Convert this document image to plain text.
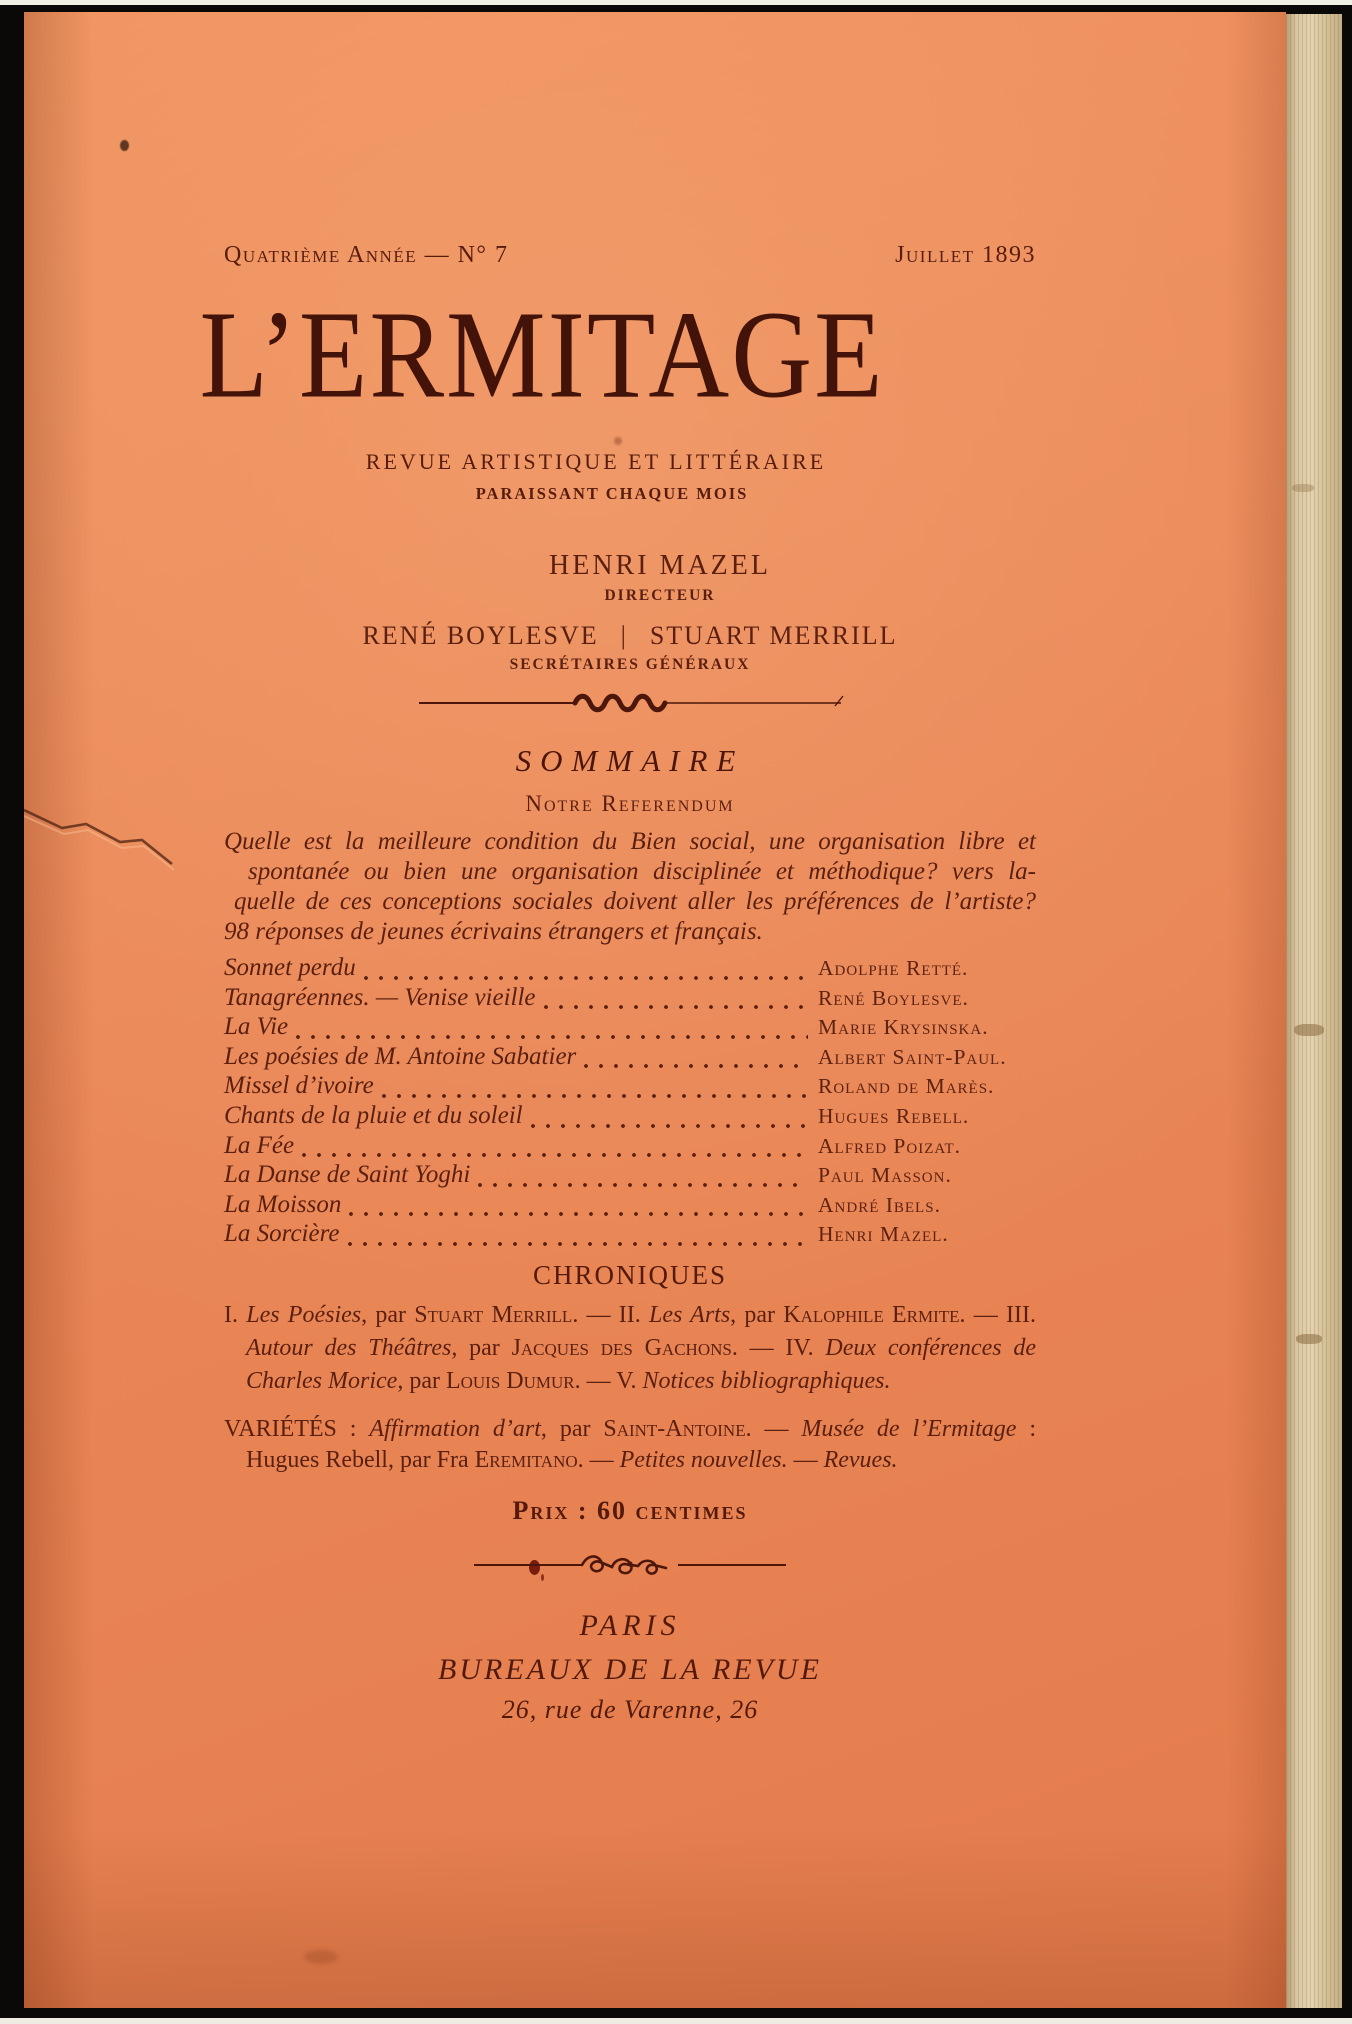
Quatrième Année — N° 7	Juillet 1893
L’ERMITAGE
REVUE ARTISTIQUE ET LITTÉRAIRE
PARAISSANT CHAQUE MOIS
HENRI MAZEL
DIRECTEUR
RENÉ BOYLESVE | STUART MERRILL
SECRÉTAIRES GÉNÉRAUX
SOMMAIRE
Notre Referendum
Quelle est la meilleure condition du Bien social, une organisation libre et
spontanée ou bien une organisation disciplinée et méthodique? vers la-
quelle de ces conceptions sociales doivent aller les préférences de l’artiste?
98 réponses de jeunes écrivains étrangers et français.
Sonnet perdu	Adolphe Retté.
Tanagréennes. — Venise vieille	René Boylesve.
La Vie	Marie Krysinska.
Les poésies de M. Antoine Sabatier	Albert Saint-Paul.
Missel d’ivoire	Roland de Marès.
Chants de la pluie et du soleil	Hugues Rebell.
La Fée	Alfred Poizat.
La Danse de Saint Yoghi	Paul Masson.
La Moisson	André Ibels.
La Sorcière	Henri Mazel.
CHRONIQUES

I. Les Poésies, par Stuart Merrill. — II. Les Arts, par Kalophile Ermite. — III. Autour des Théâtres, par Jacques des Gachons. — IV. Deux conférences de Charles Morice, par Louis Dumur. — V. Notices bibliographiques.

VARIÉTÉS : Affirmation d’art, par Saint-Antoine. — Musée de l’Ermitage : Hugues Rebell, par Fra Eremitano. — Petites nouvelles. — Revues.

Prix : 60 centimes
PARIS
BUREAUX DE LA REVUE
26, rue de Varenne, 26
